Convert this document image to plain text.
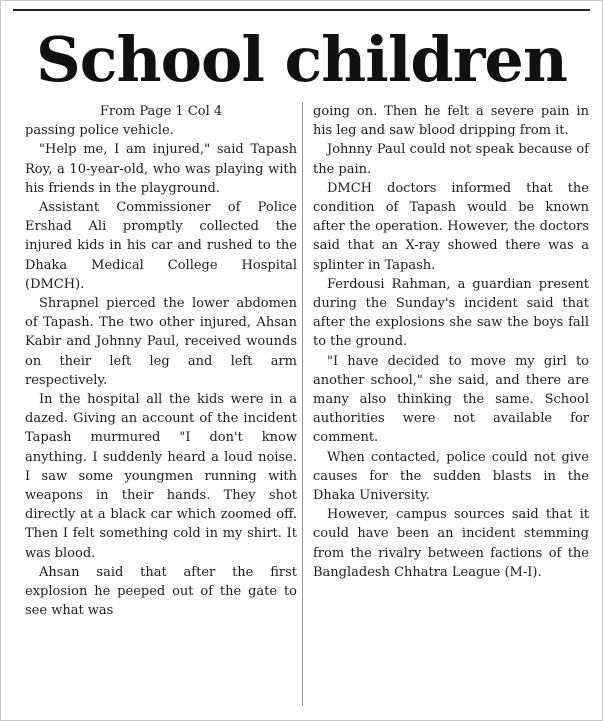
School children

From Page 1 Col 4

passing police vehicle.

"Help me, I am injured," said Tapash Roy, a 10-year-old, who was playing with his friends in the playground.

Assistant Commissioner of Police Ershad Ali promptly collected the injured kids in his car and rushed to the Dhaka Medical College Hospital (DMCH).

Shrapnel pierced the lower abdomen of Tapash. The two other injured, Ahsan Kabir and Johnny Paul, received wounds on their left leg and left arm respectively.

In the hospital all the kids were in a dazed. Giving an account of the incident Tapash murmured "I don't know anything. I suddenly heard a loud noise. I saw some youngmen running with weapons in their hands. They shot directly at a black car which zoomed off. Then I felt something cold in my shirt. It was blood.

Ahsan said that after the first explosion he peeped out of the gate to see what was

going on. Then he felt a severe pain in his leg and saw blood dripping from it.

Johnny Paul could not speak because of the pain.

DMCH doctors informed that the condition of Tapash would be known after the operation. However, the doctors said that an X-ray showed there was a splinter in Tapash.

Ferdousi Rahman, a guardian present during the Sunday's incident said that after the explosions she saw the boys fall to the ground.

"I have decided to move my girl to another school," she said, and there are many also thinking the same. School authorities were not available for comment.

When contacted, police could not give causes for the sudden blasts in the Dhaka University.

However, campus sources said that it could have been an incident stemming from the rivalry between factions of the Bangladesh Chhatra League (M-I).
